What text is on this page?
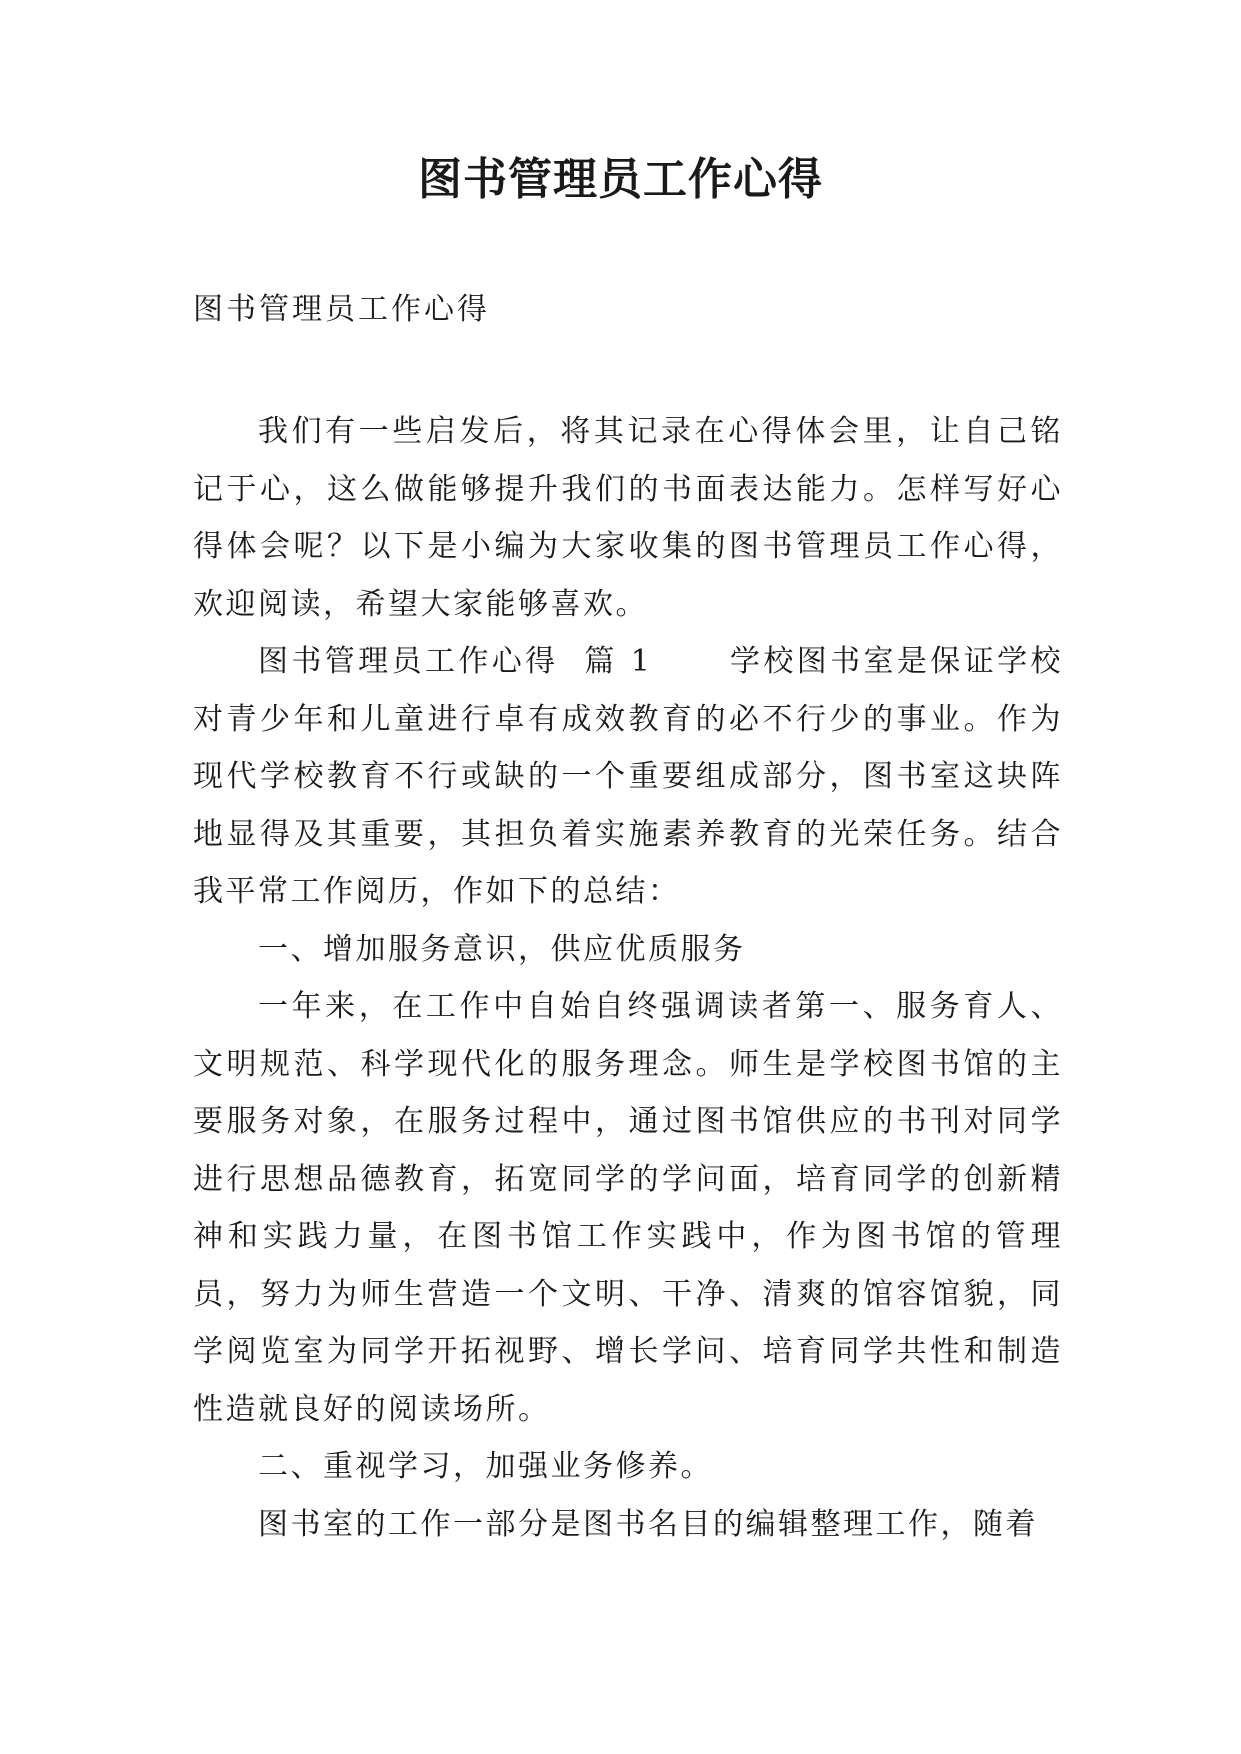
图书管理员工作心得

图书管理员工作心得

我们有一些启发后，将其记录在心得体会里，让自己铭记于心，这么做能够提升我们的书面表达能力。怎样写好心得体会呢？以下是小编为大家收集的图书管理员工作心得，欢迎阅读，希望大家能够喜欢。

图书管理员工作心得  篇 1      学校图书室是保证学校对青少年和儿童进行卓有成效教育的必不行少的事业。作为现代学校教育不行或缺的一个重要组成部分，图书室这块阵地显得及其重要，其担负着实施素养教育的光荣任务。结合我平常工作阅历，作如下的总结：

一、增加服务意识，供应优质服务

一年来，在工作中自始自终强调读者第一、服务育人、文明规范、科学现代化的服务理念。师生是学校图书馆的主要服务对象，在服务过程中，通过图书馆供应的书刊对同学进行思想品德教育，拓宽同学的学问面，培育同学的创新精神和实践力量，在图书馆工作实践中，作为图书馆的管理员，努力为师生营造一个文明、干净、清爽的馆容馆貌，同学阅览室为同学开拓视野、增长学问、培育同学共性和制造性造就良好的阅读场所。

二、重视学习，加强业务修养。

图书室的工作一部分是图书名目的编辑整理工作，随着
